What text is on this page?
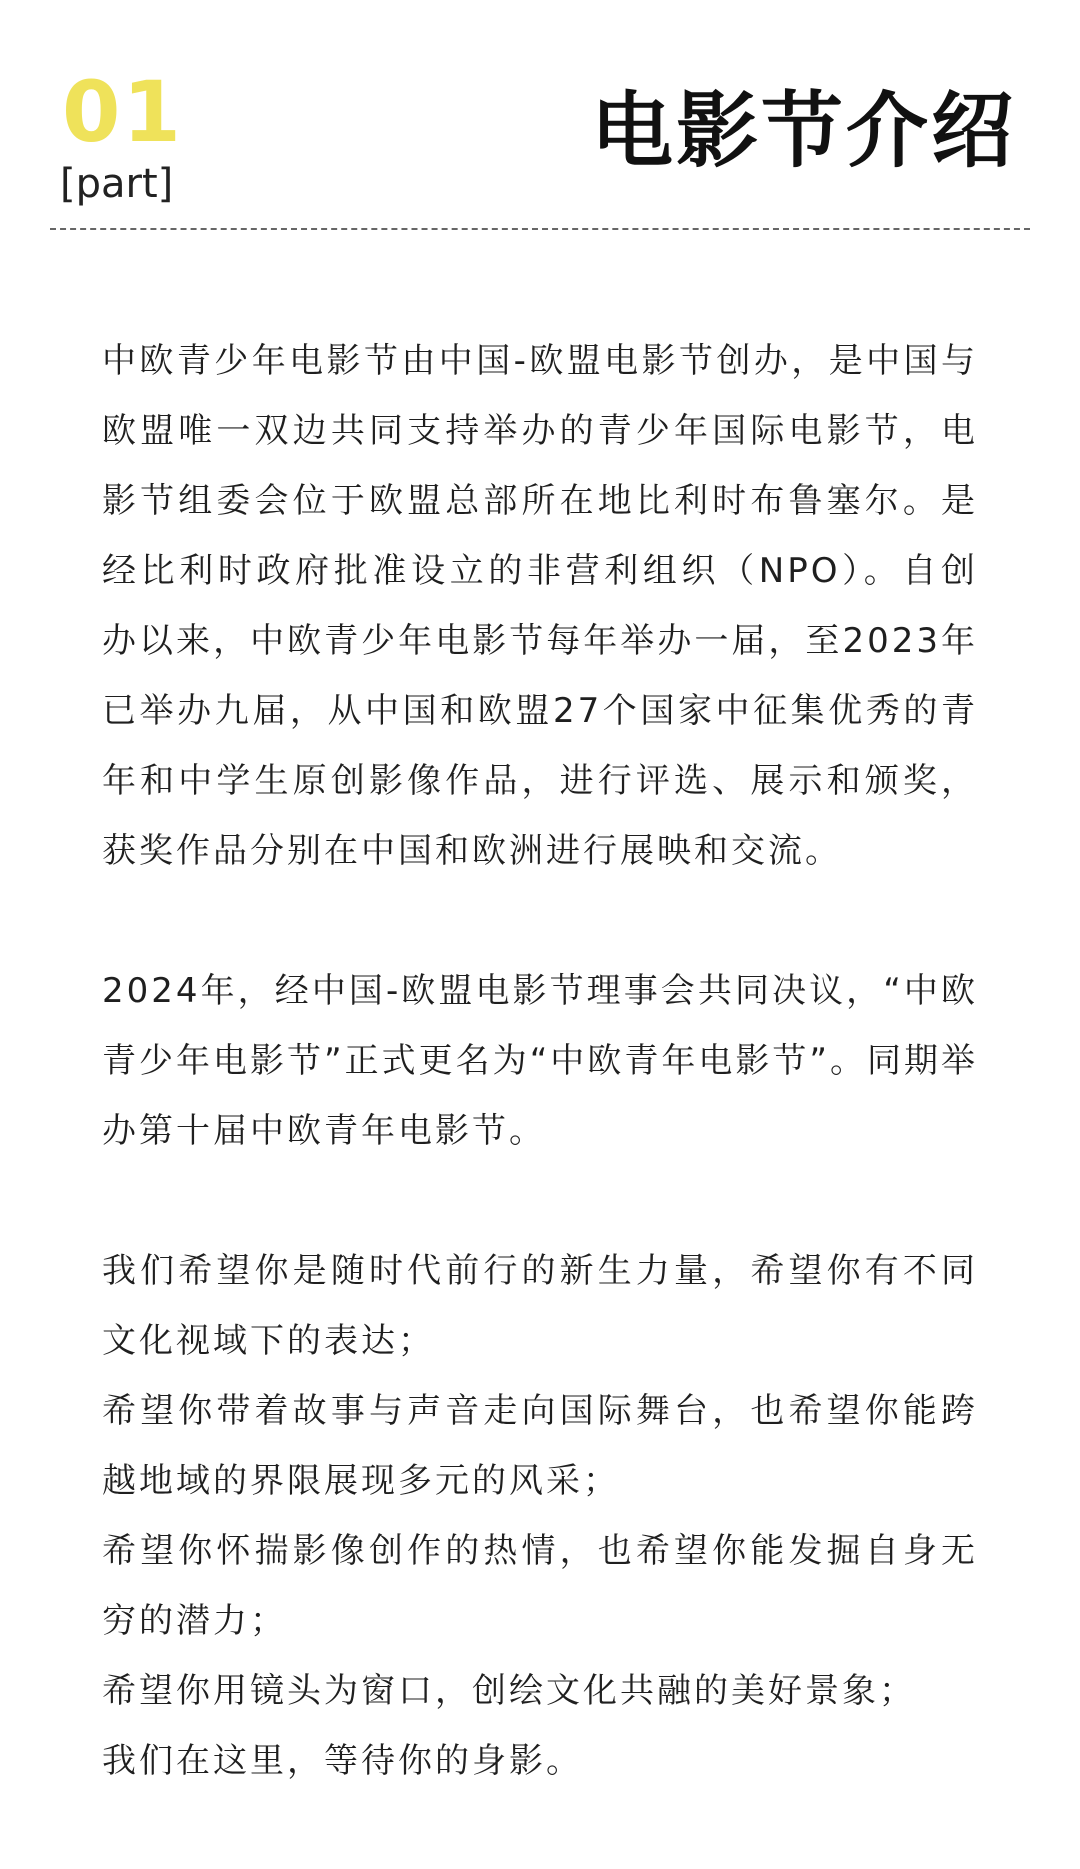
01
[part]
电影节介绍

中欧青少年电影节由中国-欧盟电影节创办，是中国与欧盟唯一双边共同支持举办的青少年国际电影节，电影节组委会位于欧盟总部所在地比利时布鲁塞尔。是经比利时政府批准设立的非营利组织（NPO）。自创办以来，中欧青少年电影节每年举办一届，至2023年已举办九届，从中国和欧盟27个国家中征集优秀的青年和中学生原创影像作品，进行评选、展示和颁奖，获奖作品分别在中国和欧洲进行展映和交流。

2024年，经中国-欧盟电影节理事会共同决议，“中欧青少年电影节”正式更名为“中欧青年电影节”。同期举办第十届中欧青年电影节。

我们希望你是随时代前行的新生力量，希望你有不同文化视域下的表达；
希望你带着故事与声音走向国际舞台，也希望你能跨越地域的界限展现多元的风采；
希望你怀揣影像创作的热情，也希望你能发掘自身无穷的潜力；
希望你用镜头为窗口，创绘文化共融的美好景象；
我们在这里，等待你的身影。
